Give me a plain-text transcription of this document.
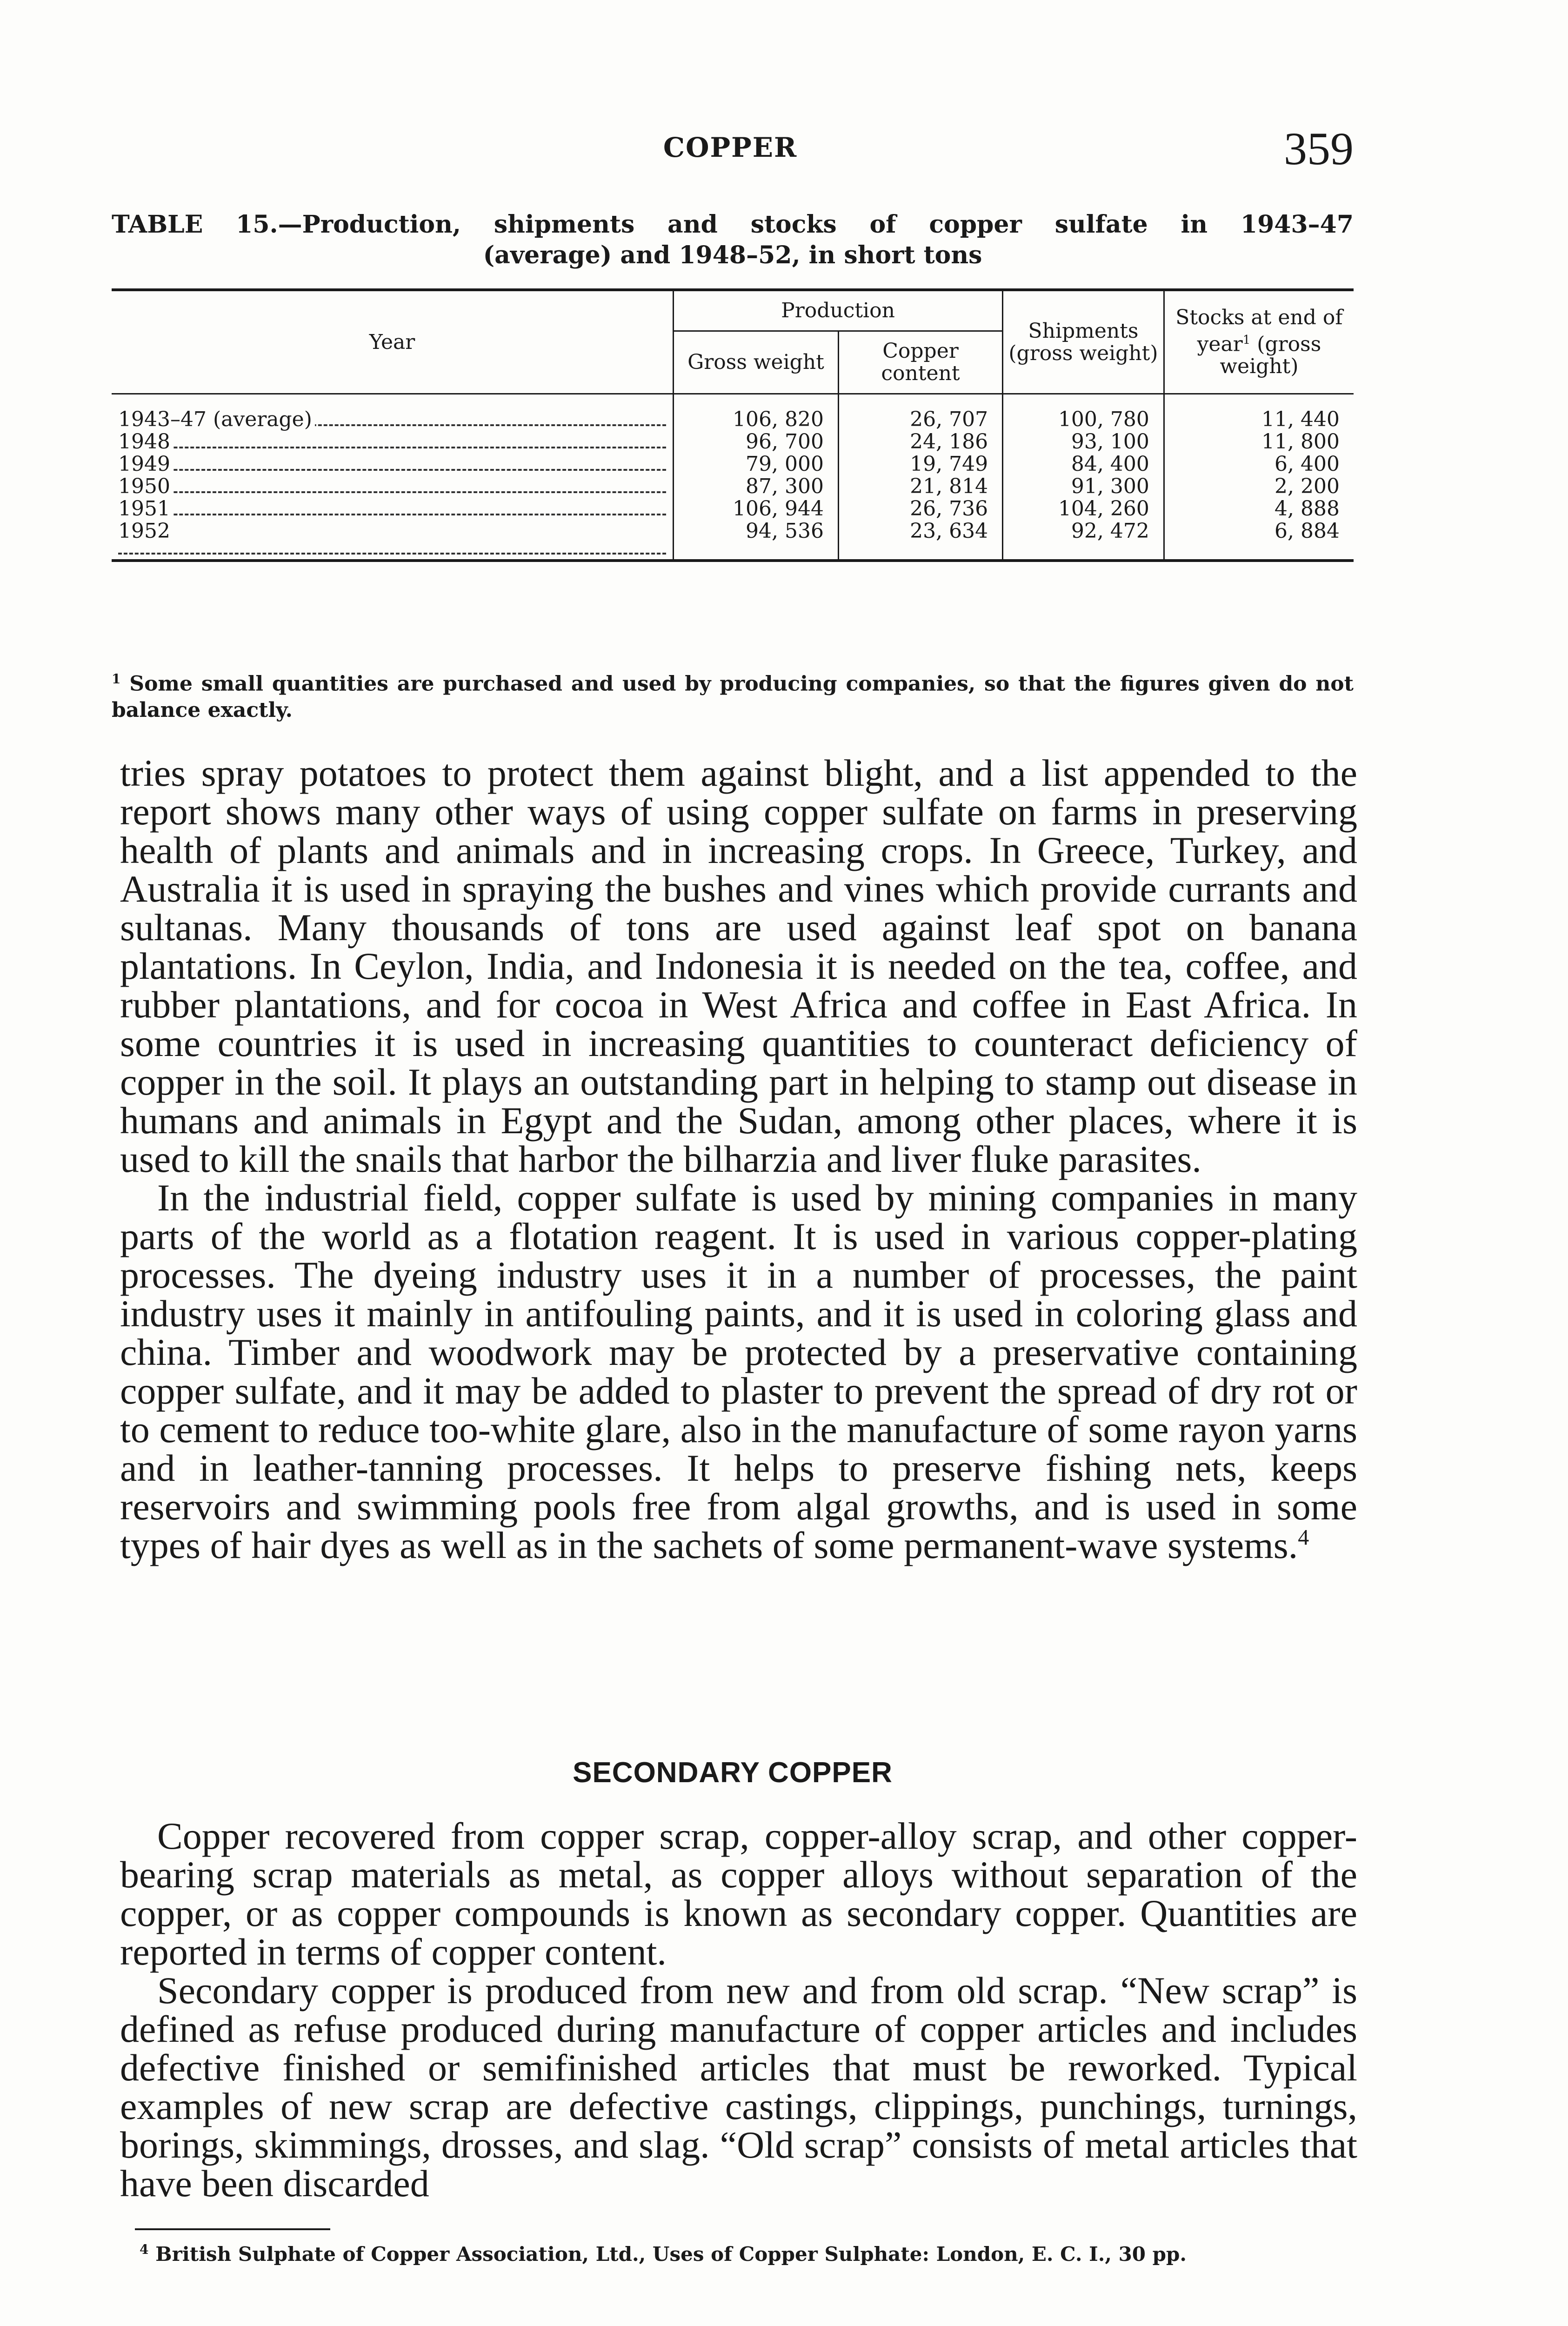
COPPER	359
TABLE 15.—Production, shipments and stocks of copper sulfate in 1943–47
(average) and 1948–52, in short tons
Year	Production		Shipments (gross weight)	Stocks at end of year$^1$ (gross weight)
	Gross weight	Copper content		
1943–47 (average)	106, 820	26, 707	100, 780	11, 440
1948	96, 700	24, 186	93, 100	11, 800
1949	79, 000	19, 749	84, 400	6, 400
1950	87, 300	21, 814	91, 300	2, 200
1951	106, 944	26, 736	104, 260	4, 888
1952	94, 536	23, 634	92, 472	6, 884
$^1$ Some small quantities are purchased and used by producing companies, so that the figures given do not balance exactly.

tries spray potatoes to protect them against blight, and a list appended to the report shows many other ways of using copper sulfate on farms in preserving health of plants and animals and in increasing crops. In Greece, Turkey, and Australia it is used in spraying the bushes and vines which provide currants and sultanas. Many thousands of tons are used against leaf spot on banana plantations. In Ceylon, India, and Indonesia it is needed on the tea, coffee, and rubber plantations, and for cocoa in West Africa and coffee in East Africa. In some countries it is used in increasing quantities to counteract deficiency of copper in the soil. It plays an outstanding part in helping to stamp out disease in humans and animals in Egypt and the Sudan, among other places, where it is used to kill the snails that harbor the bilharzia and liver fluke parasites.

In the industrial field, copper sulfate is used by mining companies in many parts of the world as a flotation reagent. It is used in various copper-plating processes. The dyeing industry uses it in a number of processes, the paint industry uses it mainly in antifouling paints, and it is used in coloring glass and china. Timber and woodwork may be protected by a preservative containing copper sulfate, and it may be added to plaster to prevent the spread of dry rot or to cement to reduce too-white glare, also in the manufacture of some rayon yarns and in leather-tanning processes. It helps to preserve fishing nets, keeps reservoirs and swimming pools free from algal growths, and is used in some types of hair dyes as well as in the sachets of some permanent-wave systems.$^4$

SECONDARY COPPER

Copper recovered from copper scrap, copper-alloy scrap, and other copper-bearing scrap materials as metal, as copper alloys without separation of the copper, or as copper compounds is known as secondary copper. Quantities are reported in terms of copper content.

Secondary copper is produced from new and from old scrap. “New scrap” is defined as refuse produced during manufacture of copper articles and includes defective finished or semifinished articles that must be reworked. Typical examples of new scrap are defective castings, clippings, punchings, turnings, borings, skimmings, drosses, and slag. “Old scrap” consists of metal articles that have been discarded

$^4$ British Sulphate of Copper Association, Ltd., Uses of Copper Sulphate: London, E. C. I., 30 pp.
